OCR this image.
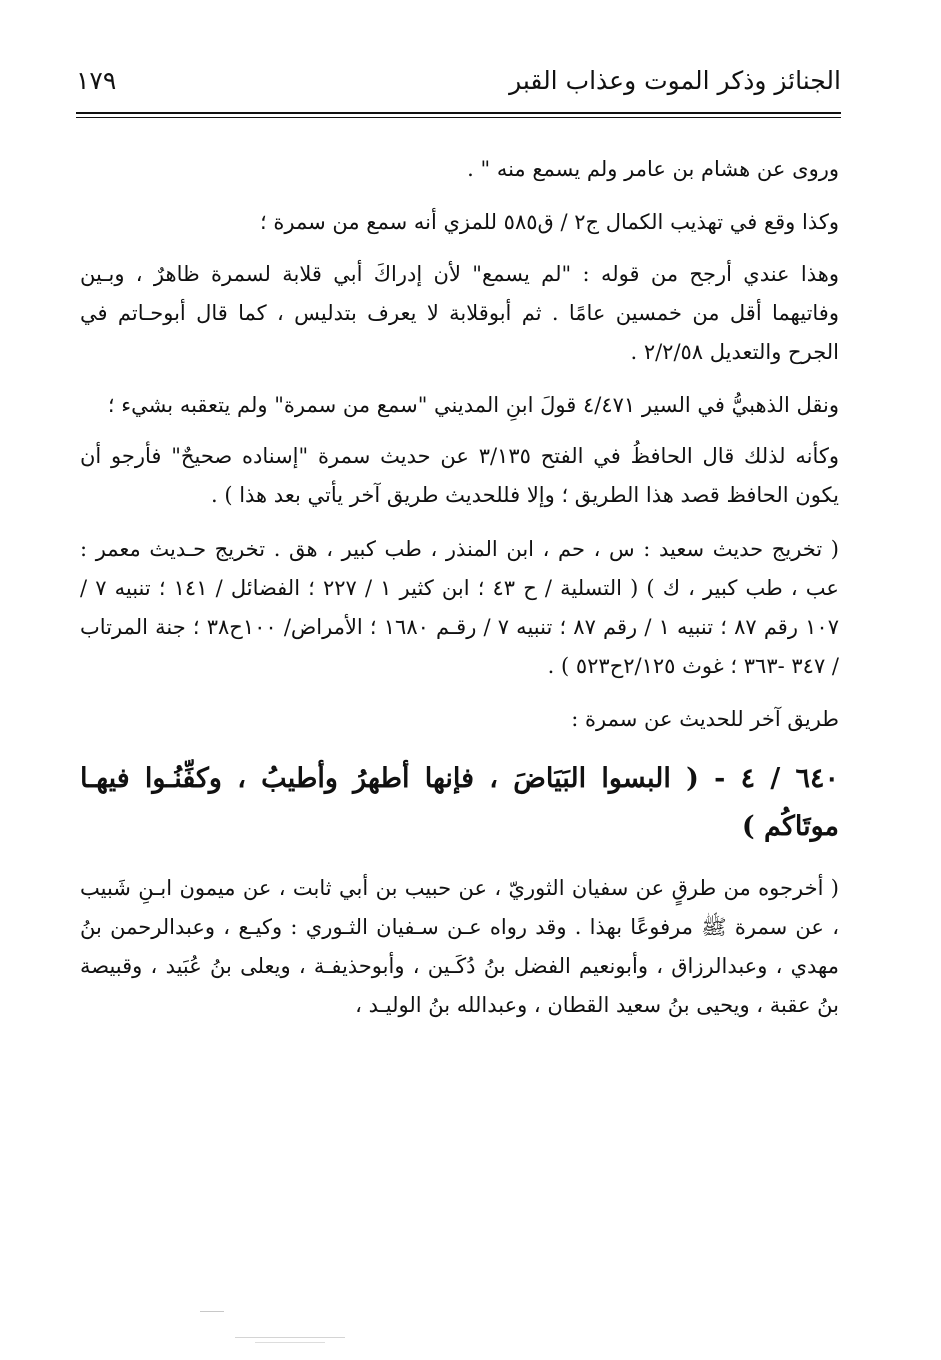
الجنائز وذكر الموت وعذاب القبر
١٧٩

وروى عن هشام بن عامر ولم يسمع منه " .

وكذا وقع في تهذيب الكمال ج٢ / ق٥٨٥ للمزي أنه سمع من سمرة ؛

وهذا عندي أرجح من قوله : "لم يسمع" لأن إدراكَ أبي قلابة لسمرة ظاهرٌ ، وبـين وفاتيهما أقل من خمسين عامًا . ثم أبوقلابة لا يعرف بتدليس ، كما قال أبوحـاتم في الجرح والتعديل ٢/٢/٥٨ .

ونقل الذهبيُّ في السير ٤/٤٧١ قولَ ابنِ المديني "سمع من سمرة" ولم يتعقبه بشيء ؛

وكأنه لذلك قال الحافظُ في الفتح ٣/١٣٥ عن حديث سمرة "إسناده صحيحٌ" فأرجو أن يكون الحافظ قصد هذا الطريق ؛ وإلا فللحديث طريق آخر يأتي بعد هذا ) .

( تخريج حديث سعيد : س ، حم ، ابن المنذر ، طب كبير ، هق . تخريج حـديث معمر : عب ، طب كبير ، ك ) ( التسلية / ح ٤٣ ؛ ابن كثير ١ / ٢٢٧ ؛ الفضائل / ١٤١ ؛ تنبيه ٧ / ١٠٧ رقم ٨٧ ؛ تنبيه ١ / رقم ٨٧ ؛ تنبيه ٧ / رقـم ١٦٨٠ ؛ الأمراض/ ١٠٠ح٣٨ ؛ جنة المرتاب / ٣٤٧ -٣٦٣ ؛ غوث ٢/١٢٥ح٥٢٣ ) .

طريق آخر للحديث عن سمرة :

٦٤٠ / ٤ - ( البسوا البَيَاضَ ، فإنها أطهرُ وأطيبُ ، وكفِّنُـوا فيهـا موتَاكُم )

( أخرجوه من طرقٍ عن سفيان الثوريّ ، عن حبيب بن أبي ثابت ، عن ميمون ابـنِ شَبيب ، عن سمرة ﷺ مرفوعًا بهذا . وقد رواه عـن سـفيان الثـوري : وكيـع ، وعبدالرحمن بنُ مهدي ، وعبدالرزاق ، وأبونعيم الفضل بنُ دُكَـين ، وأبوحذيفـة ، ويعلى بنُ عُبَيد ، وقبيصة بنُ عقبة ، ويحيى بنُ سعيد القطان ، وعبدالله بنُ الوليـد ،
